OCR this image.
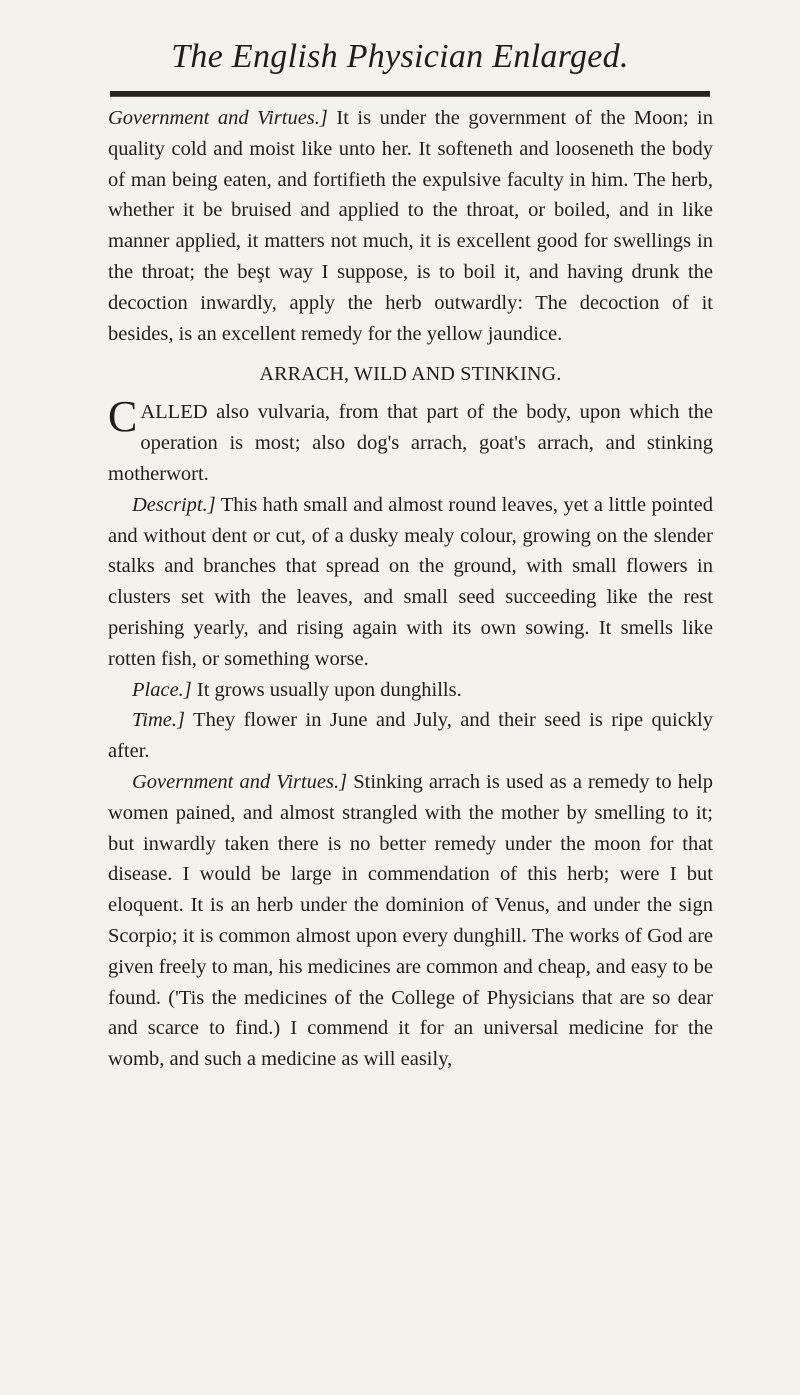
The English Physician Enlarged.

Government and Virtues.] It is under the government of the Moon; in quality cold and moist like unto her. It softeneth and looseneth the body of man being eaten, and fortifieth the expulsive faculty in him. The herb, whether it be bruised and applied to the throat, or boiled, and in like manner applied, it matters not much, it is excellent good for swellings in the throat; the beşt way I suppose, is to boil it, and having drunk the decoction inwardly, apply the herb outwardly: The decoction of it besides, is an excellent remedy for the yellow jaundice.

ARRACH, WILD AND STINKING.

C ALLED also vulvaria, from that part of the body, upon which the operation is most; also dog's arrach, goat's arrach, and stinking motherwort.

Descript.] This hath small and almost round leaves, yet a little pointed and without dent or cut, of a dusky mealy colour, growing on the slender stalks and branches that spread on the ground, with small flowers in clusters set with the leaves, and small seed succeeding like the rest perishing yearly, and rising again with its own sowing. It smells like rotten fish, or something worse.

Place.] It grows usually upon dunghills.

Time.] They flower in June and July, and their seed is ripe quickly after.

Government and Virtues.] Stinking arrach is used as a remedy to help women pained, and almost strangled with the mother by smelling to it; but inwardly taken there is no better remedy under the moon for that disease. I would be large in commendation of this herb; were I but eloquent. It is an herb under the dominion of Venus, and under the sign Scorpio; it is common almost upon every dunghill. The works of God are given freely to man, his medicines are common and cheap, and easy to be found. ('Tis the medicines of the College of Physicians that are so dear and scarce to find.) I commend it for an universal medicine for the womb, and such a medicine as will easily,
